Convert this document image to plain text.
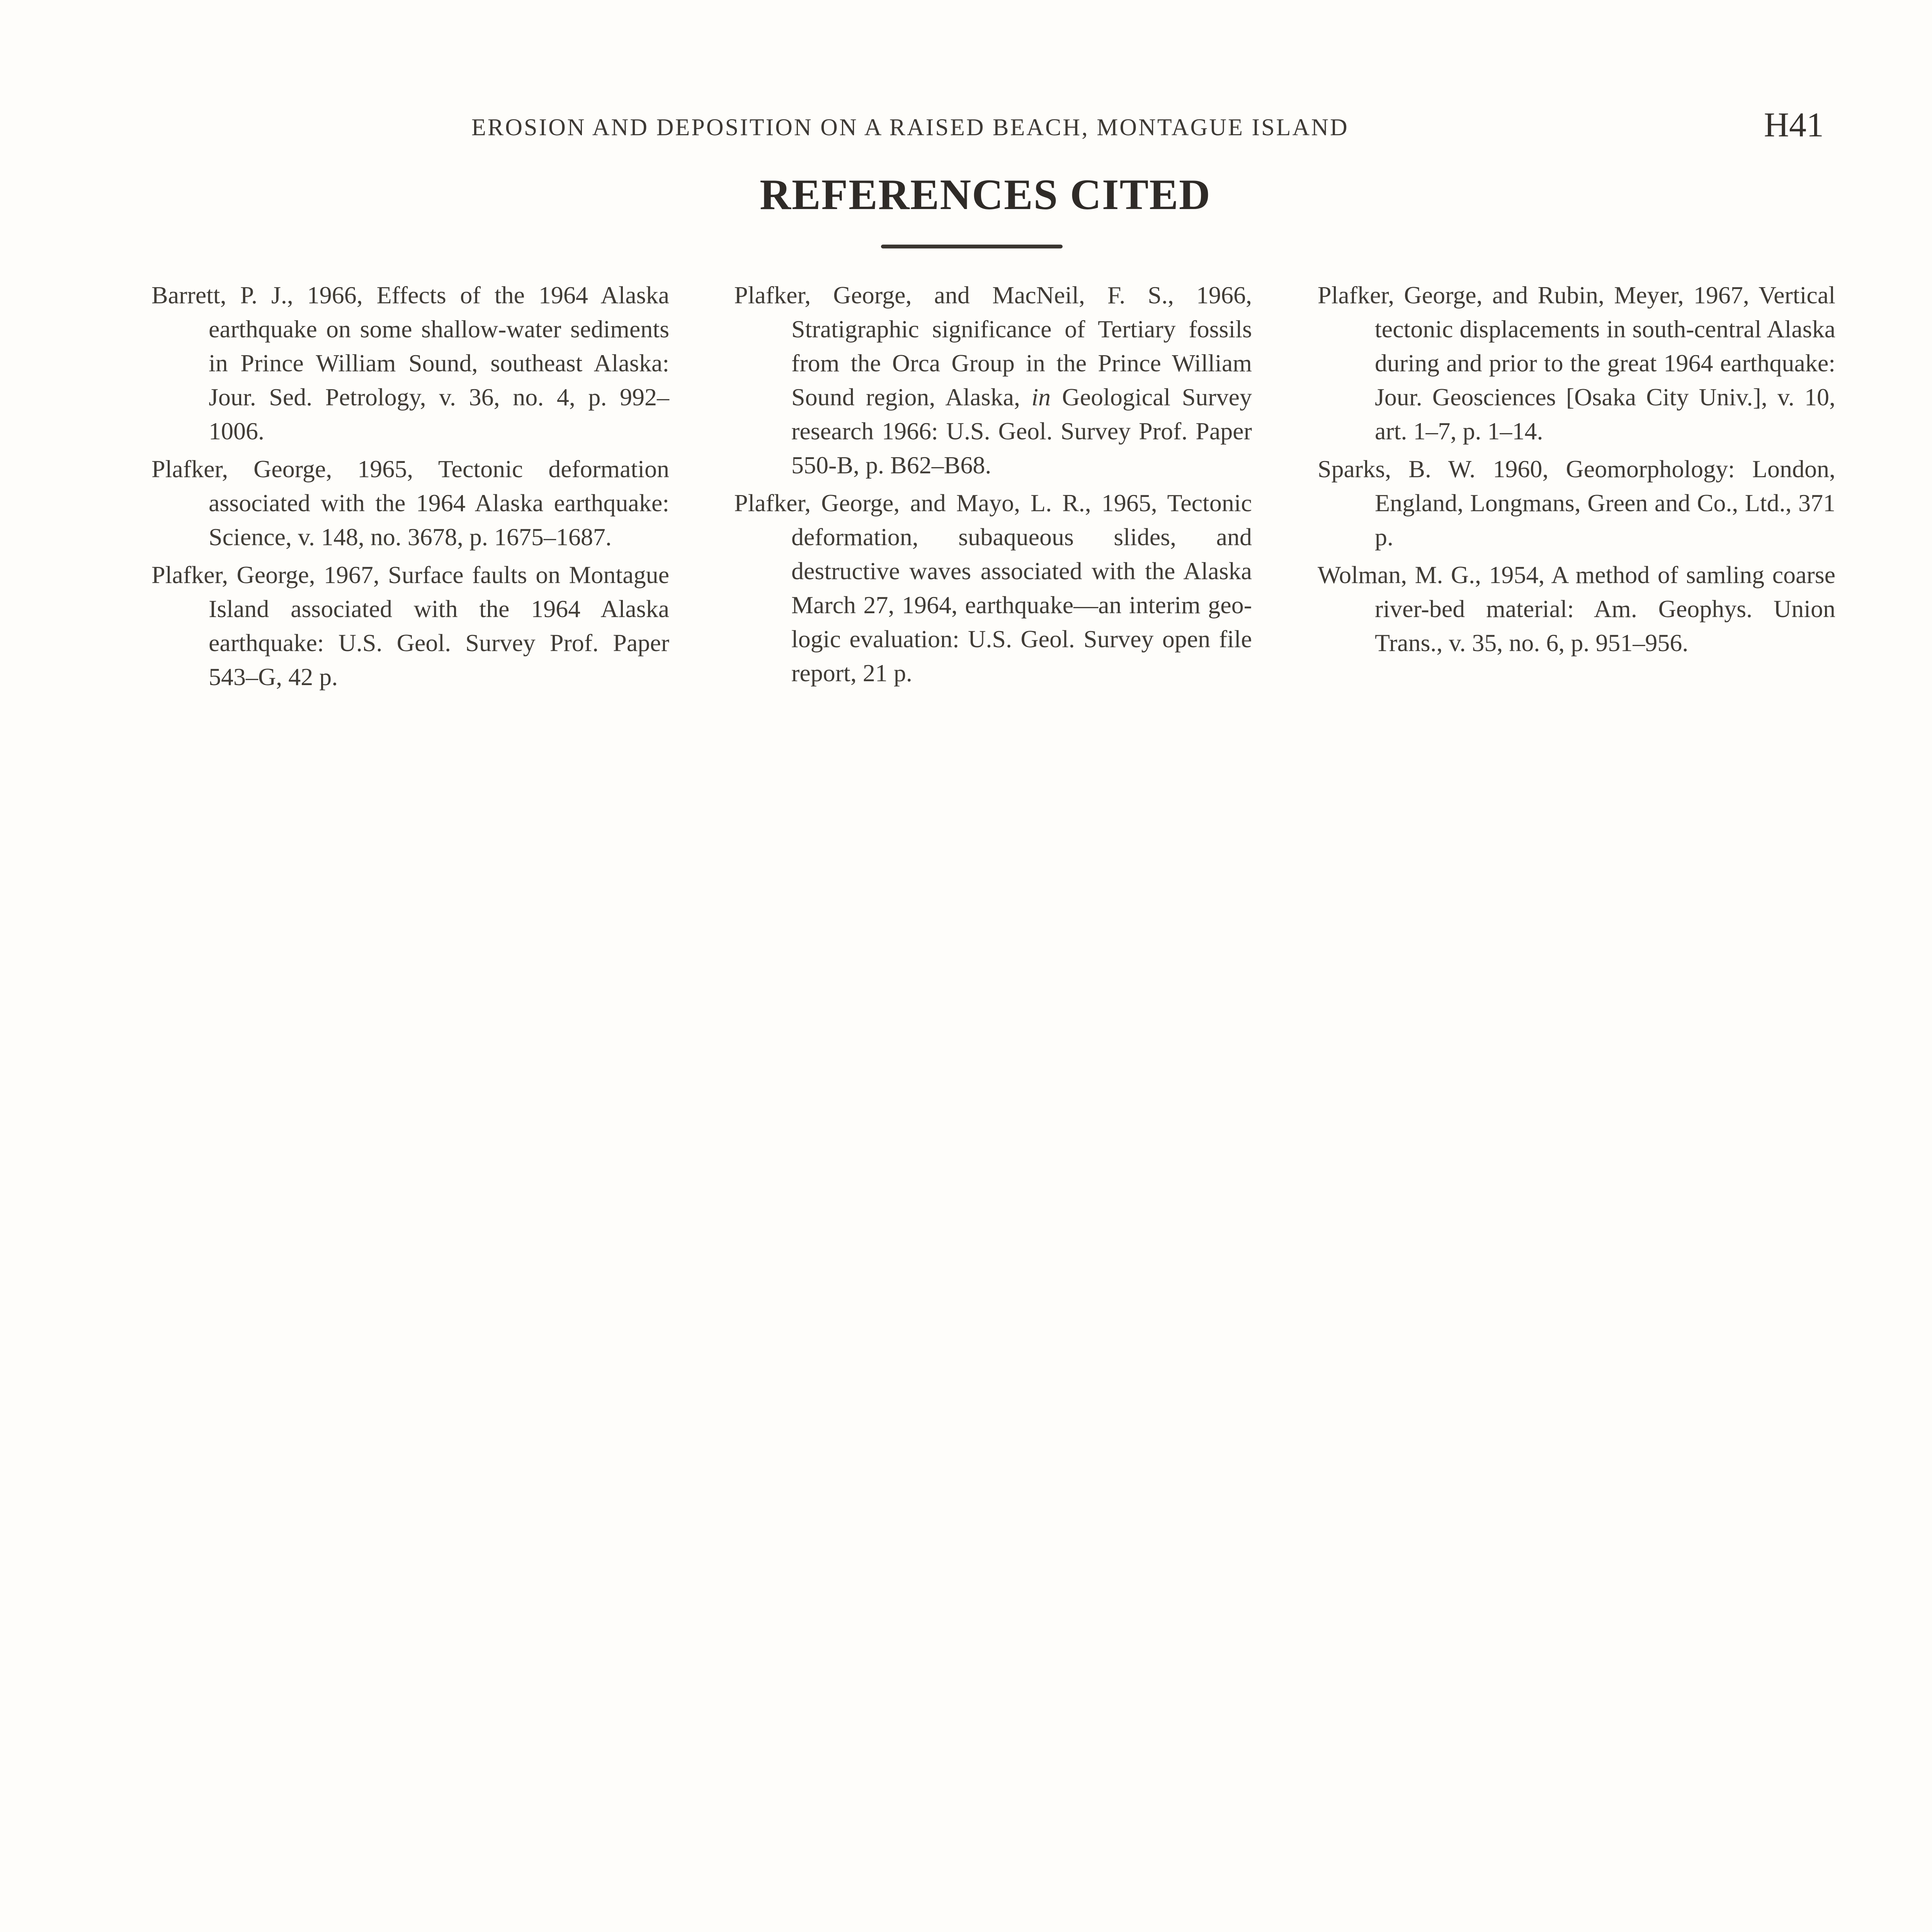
EROSION AND DEPOSITION ON A RAISED BEACH, MONTAGUE ISLAND	H41
REFERENCES CITED

Barrett, P. J., 1966, Effects of the 1964 Alaska earthquake on some shallow-water sediments in Prince William Sound, southeast Alaska: Jour. Sed. Petrology, v. 36, no. 4, p. 992–1006.

Plafker, George, 1965, Tectonic deformation associated with the 1964 Alaska earthquake: Science, v. 148, no. 3678, p. 1675–1687.

Plafker, George, 1967, Surface faults on Montague Island associated with the 1964 Alaska earthquake: U.S. Geol. Survey Prof. Paper 543–G, 42 p.

Plafker, George, and MacNeil, F. S., 1966, Stratigraphic significance of Tertiary fossils from the Orca Group in the Prince William Sound region, Alaska, in Geological Survey research 1966: U.S. Geol. Survey Prof. Paper 550-B, p. B62–B68.

Plafker, George, and Mayo, L. R., 1965, Tectonic deformation, subaqueous slides, and destructive waves associated with the Alaska March 27, 1964, earthquake—an interim geologic evaluation: U.S. Geol. Survey open file report, 21 p.

Plafker, George, and Rubin, Meyer, 1967, Vertical tectonic displacements in south-central Alaska during and prior to the great 1964 earthquake: Jour. Geosciences [Osaka City Univ.], v. 10, art. 1–7, p. 1–14.

Sparks, B. W. 1960, Geomorphology: London, England, Longmans, Green and Co., Ltd., 371 p.

Wolman, M. G., 1954, A method of samling coarse river-bed material: Am. Geophys. Union Trans., v. 35, no. 6, p. 951–956.
